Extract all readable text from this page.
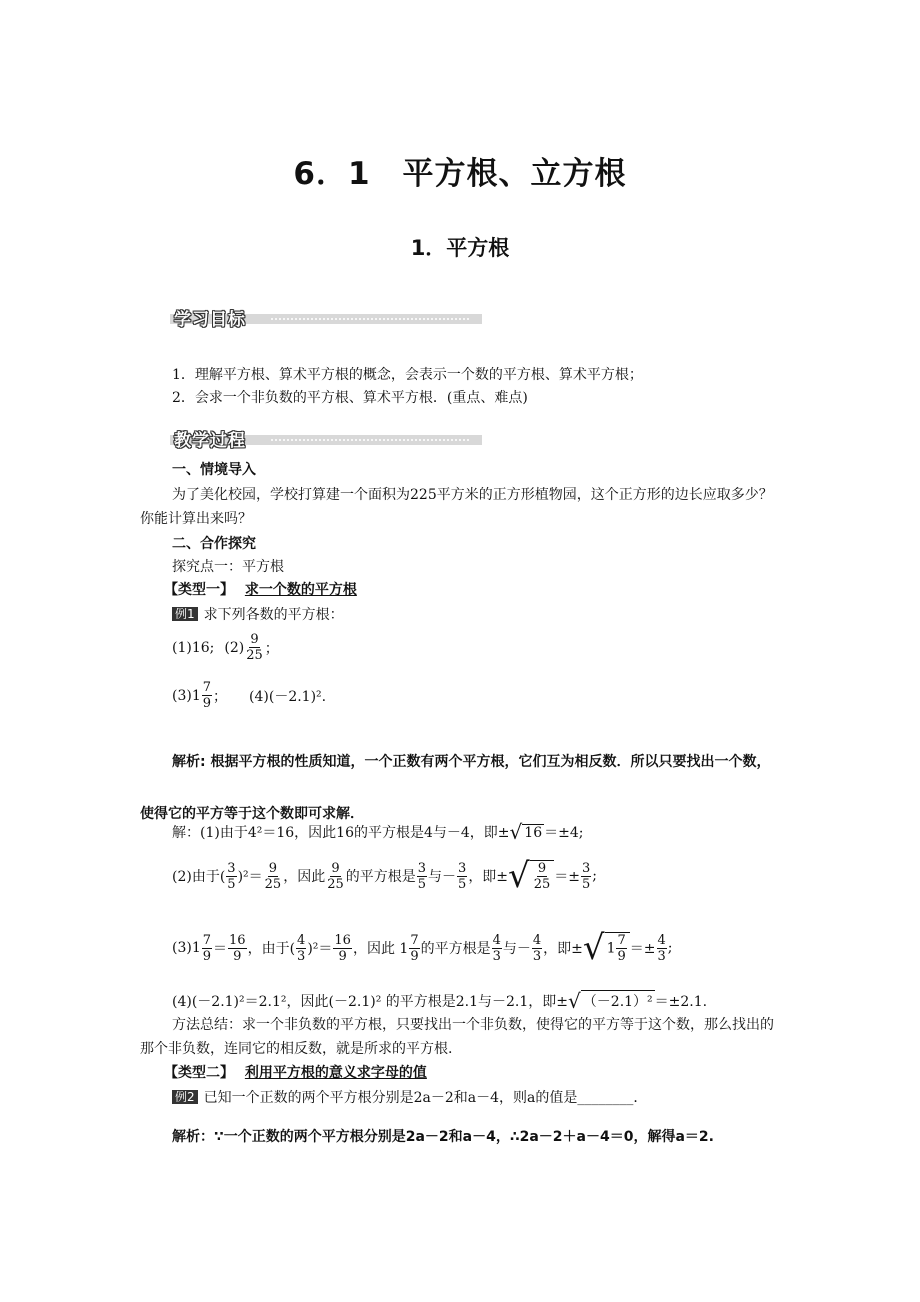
6．1　平方根、立方根
1．平方根
学习目标
1．理解平方根、算术平方根的概念，会表示一个数的平方根、算术平方根；
2．会求一个非负数的平方根、算术平方根．(重点、难点)
教学过程
一、情境导入
为了美化校园，学校打算建一个面积为225平方米的正方形植物园，这个正方形的边长应取多少？你能计算出来吗？
二、合作探究
探究点一：平方根
【类型一】 求一个数的平方根
例1 求下列各数的平方根：
(1)16; $(2) \frac{9}{25}$ ；
$(3)1 \frac{7}{9}$ ； (4)(－2.1)².
解析: 根据平方根的性质知道，一个正数有两个平方根，它们互为相反数．所以只要找出一个数，使得它的平方等于这个数即可求解．
解： (1)由于4²＝16，因此16的平方根是4与－4，即± √ 16 ＝±4;
(2)由于( $\frac{3}{5} )^2= \frac{9}{25}$ ，因此 $\frac{9}{25}$ 的平方根是 $\frac{3}{5}$ 与－ $\frac{3}{5}$ ，即± √ $\frac{9}{25} =\pm \frac{3}{5}$ ;
$(3)1 \frac{7}{9} = \frac{16}{9}$ ，由于( $\frac{4}{3} )^2= \frac{16}{9}$ ，因此 $1 \frac{7}{9}$ 的平方根是 $\frac{4}{3}$ 与－ $\frac{4}{3}$ ，即± √ $1 \frac{7}{9} =\pm \frac{4}{3}$ ;
(4)(－2.1)²＝2.1²，因此(－2.1)² 的平方根是2.1与－2.1，即± √ （－2.1）² ＝±2.1.
方法总结：求一个非负数的平方根，只要找出一个非负数，使得它的平方等于这个数，那么找出的那个非负数，连同它的相反数，就是所求的平方根.
【类型二】 利用平方根的意义求字母的值
例2 已知一个正数的两个平方根分别是2a－2和a－4，则a的值是________．
解析：∵一个正数的两个平方根分别是2a－2和a－4，∴2a－2＋a－4＝0，解得a＝2.
